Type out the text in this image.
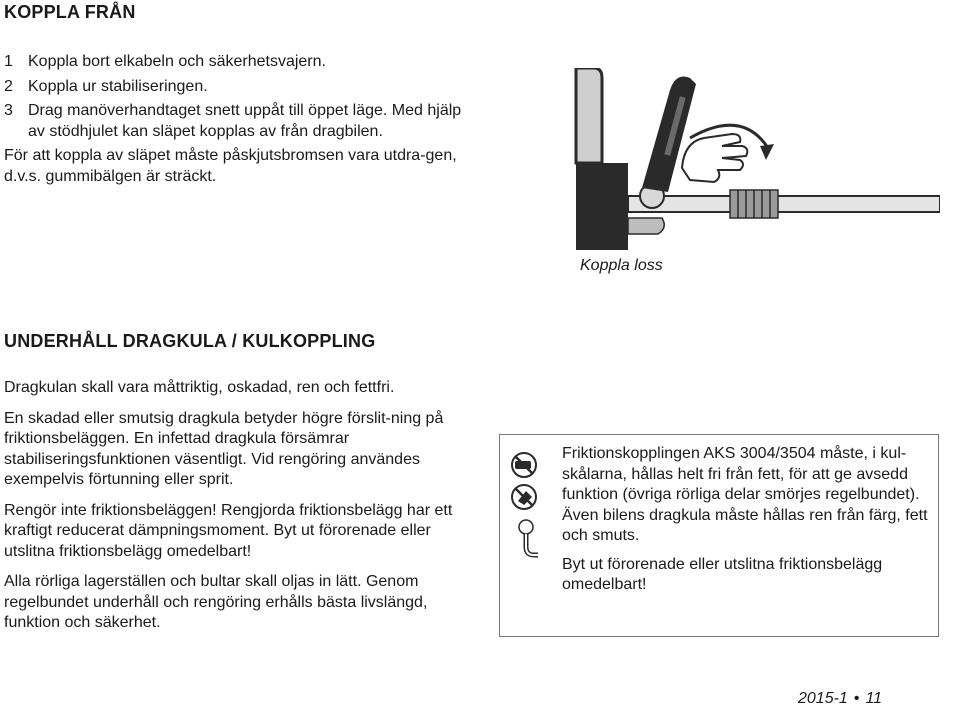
KOPPLA FRÅN
1 Koppla bort elkabeln och säkerhetsvajern.
2 Koppla ur stabiliseringen.
3 Drag manöverhandtaget snett uppåt till öppet läge. Med hjälp av stödhjulet kan släpet kopplas av från dragbilen.
För att koppla av släpet måste påskjutsbromsen vara utdra-gen, d.v.s. gummibälgen är sträckt.
Koppla loss
UNDERHÅLL DRAGKULA / KULKOPPLING

Dragkulan skall vara måttriktig, oskadad, ren och fettfri.

En skadad eller smutsig dragkula betyder högre förslit-ning på friktionsbeläggen. En infettad dragkula försämrar stabiliseringsfunktionen väsentligt. Vid rengöring användes exempelvis förtunning eller sprit.

Rengör inte friktionsbeläggen! Rengjorda friktionsbelägg har ett kraftigt reducerat dämpningsmoment. Byt ut förorenade eller utslitna friktionsbelägg omedelbart!

Alla rörliga lagerställen och bultar skall oljas in lätt. Genom regelbundet underhåll och rengöring erhålls bästa livslängd, funktion och säkerhet.

Friktionskopplingen AKS 3004/3504 måste, i kul-skålarna, hållas helt fri från fett, för att ge avsedd funktion (övriga rörliga delar smörjes regelbundet). Även bilens dragkula måste hållas ren från färg, fett och smuts.

Byt ut förorenade eller utslitna friktionsbelägg omedelbart!

2015-1 • 11
